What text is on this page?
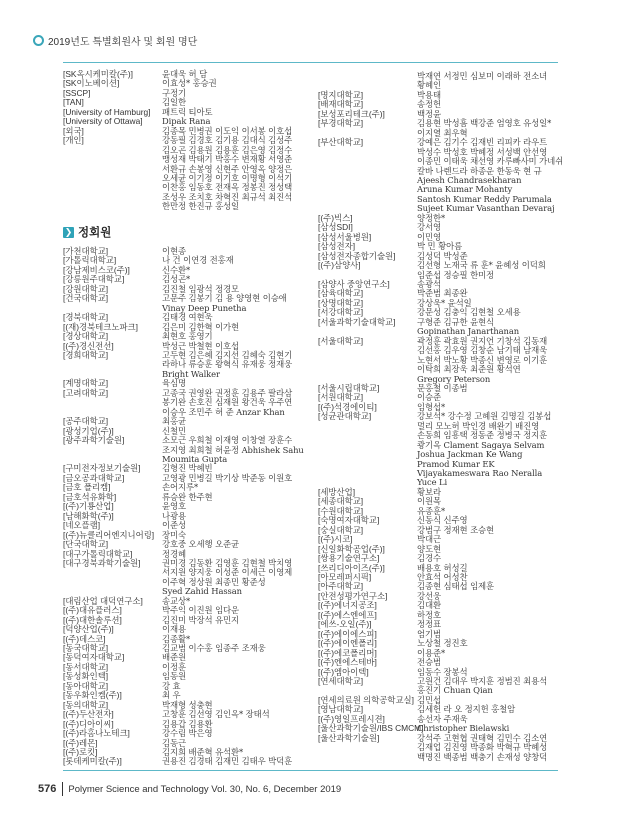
2019년도 특별회원사 및 회원 명단
[SK옥시케미칼(주)]	윤대욱 허 담
[SK이노베이션]	이효성* 홍승권
[SSCP]	구정기
[TAN]	김일한
[University of Hamburg]	패트릭 티아토
[University of Ottawa]	Dipak Rana
[외국]	김종목 민병권 이도익 이서봉 이호섭
[개인]	강동필 김경호 김기용 김대식 김성주
김오곤 김용원 김용훈 김은영 김정수
맹성재 박태기 박홍수 변재황 서영준
서환규 손봉영 신현주 안영옥 양정은
오세균 이기정 이기호 이명형 이석기
이찬홍 임동호 전재옥 정봉진 정성택
조성우 조치호 차혁진 최규석 최진석
한만정 한진규 홍성일
❯ 정회원
[가천대학교]	이현종
[가톨릭대학교]	나 건 이연경 전홍재
[강남제비스코(주)]	신수환*
[강릉원주대학교]	김성곤*
[강원대학교]	김진철 임광석 정경모
[건국대학교]	고문주 김봉기 김 용 양영현 이승애
Vinay Deep Punetha
[경북대학교]	김태경 여현욱
[(재)경북테크노파크]	김은미 김한혁 이가현
[경상대학교]	최현호 홍영기
[(주)경신전선]	박성근 박철현 이호섭
[경희대학교]	고두현 김은혜 김지선 김혜숙 김현기
라하나 류승훈 왕혁식 유재웅 정재웅
Bright Walker
[계명대학교]	육심명
[고려대학교]	고종국 권영완 권정훈 김용주 팔라삼
봉기완 손호진 심재원 왕건욱 우주연
이승우 조민주 허 준 Anzar Khan
[공주대학교]	최홍균
[광성기업(주)]	신철민
[광주과학기술원]	소모근 우희철 이재영 이창열 장훈수
조지영 최희철 허윤정 Abhishek Sahu
Moumita Gupta
[구미전자정보기술원]	김형진 박혜빈
[금오공과대학교]	고영광 민병길 박기상 박준동 이원호
[금호 폴리켐]	손어지루*
[금호석유화학]	류승완 한주현
[(주)기룡산업]	윤영호
[남해화학(주)]	나광용
[네오플램]	이준성
[(주)뉴클리어엔지니어링] 장미숙
[단국대학교]	강호중 오세행 오준균
[대구가톨릭대학교]	정경혜
[대구경북과학기술원]	권미경 김동환 김영훈 김현철 박치영
서지원 양지웅 이성준 이세근 이영제
이주혁 정상원 최종민 황준성
Syed Zahid Hassan
[대림산업 대덕연구소]	송교상*
[(주)대유플러스]	박주익 이진원 임다운
[(주)대한솔루션]	김진미 박장석 유민지
[덕양산업(주)]	이재용
[(주)데스코]	김종활*
[동국대학교]	김교범 이수홍 임종주 조재웅
[동덕여자대학교]	배준원
[동서대학교]	이정훈
[동성화인텍]	임동원
[동아대학교]	강 효
[동우화인켐(주)]	최 우
[동의대학교]	박재형 성충현
[(주)두산전자]	고창훈 김선영 김인옥* 장태석
[(주)디아이씨]	김용갑 김용환
[(주)라홈나노테크]	강수림 박은영
[(주)레몬]	김동근
[(주)로킷]	김지희 배준혁 유석환*
[롯데케미칼(주)]	권용진 김경태 김재민 김태우 박덕훈
박재연 서정민 심보미 이래하 전소녀
황혜인
[명지대학교]	박용태
[배재대학교]	송정헌
[보성포리테크(주)]	백정윤
[부경대학교]	김용현 박성흠 백강준 엄영호 유성일*
이지열 최우혁
[부산대학교]	강예은 김기수 김재빈 리피카 라우트
박성수 박성호 박혜정 서성백 안선영
이종민 이태욱 채선영 카루빠사미 가네쉬
칼바 나렌드라 하종운 한동욱 현 규
Ajeesh Chandrasekharan
Aruna Kumar Mohanty
Santosh Kumar Reddy Parumala
Sujeet Kumar Vasanthan Devaraj
[(주)빅스]	양정한*
[삼성SDI]	강서영
[삼성서울병원]	이민영
[삼성전자]	박 민 황아름
[삼성전자종합기술원]	김성덕 박성준
[(주)삼양사]	김선형 노재국 류 훈* 윤혜성 이덕희
임준섭 정승필 한미정
[삼양사 중앙연구소]	송광석
[삼육대학교]	박준범 최종완
[상명대학교]	강상욱* 윤석일
[서강대학교]	강문성 김충익 김현철 오세용
[서울과학기술대학교]	구형준 김규한 윤현식
Gopinathan Janarthanan
[서울대학교]	곽정훈 곽효원 권지언 기창석 김동재
김선홍 김우영 김창순 남기태 남재욱
노현서 박노황 박종신 변영로 이기훈
이탁희 최장욱 최준원 황석연
Gregory Peterson
[서울시립대학교]	문홍철 이종범
[서원대학교]	이승준
[(주)석경에이티]	임형섭*
[성균관대학교]	강보석* 강수정 고혜원 김명길 김봉섭
멀리 모노허 박인경 배완기 배진영
손동희 임흥택 정동준 정병국 정지훈
쾅기옥 Clament Sagaya Selvam
Joshua Jackman Ke Wang
Pramod Kumar EK
Vijayakameswara Rao Neralla
Yuce Li
[세방산업]	황보라
[세종대학교]	이원목
[수원대학교]	유종훈*
[숙명여자대학교]	신동식 신주영
[숭실대학교]	강범구 정재현 조승현
[(주)시코]	박대근
[신일화학공업(주)]	양도현
[쌍용기술연구소]	김경수
[쓰리디아이즈(주)]	배용호 허성길
[아모레퍼시픽]	안효석 어성찬
[아주대학교]	김종현 심태섭 임제훈
[안전성평가연구소]	강선웅
[(주)에너지공조]	김대환
[(주)에스엔에프]	하정호
[에쓰-오일(주)]	정정표
[(주)에이에스피]	엄기범
[(주)에이엔폴리]	노상철 정진호
[(주)에코폴리머]	이용준*
[(주)엔에스테바]	전승범
[(주)엠아이텍]	임동수 장봉석
[연세대학교]	고원건 김대우 박지훈 정범진 최용석
홍진기 Chuan Qian
[연세의료원 의학공학교실] 김민섭
[영남대학교]	김세헌 라 오 정지헌 홍철암
[(주)영일프레시젼]	송선자 주재욱
[울산과학기술원/IBS CMCM]
Christopher Bielawski
[울산과학기술원]	강석주 고현협 권태혁 김민수 김소연
김재업 김진영 박종화 박혁규 박혜성
백명진 백종범 백충기 손재성 양창덕
576 Polymer Science and Technology Vol. 30, No. 6, December 2019
